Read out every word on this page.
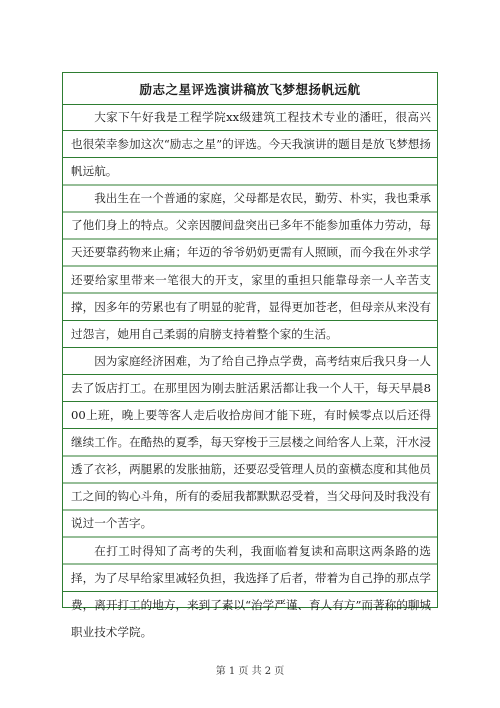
励志之星评选演讲稿放飞梦想扬帆远航

大家下午好我是工程学院xx级建筑工程技术专业的潘旺，很高兴也很荣幸参加这次“励志之星”的评选。今天我演讲的题目是放飞梦想扬帆远航。

我出生在一个普通的家庭，父母都是农民，勤劳、朴实，我也秉承了他们身上的特点。父亲因腰间盘突出已多年不能参加重体力劳动，每天还要靠药物来止痛；年迈的爷爷奶奶更需有人照顾，而今我在外求学还要给家里带来一笔很大的开支，家里的重担只能靠母亲一人辛苦支撑，因多年的劳累也有了明显的驼背，显得更加苍老，但母亲从来没有过怨言，她用自己柔弱的肩膀支持着整个家的生活。

因为家庭经济困难，为了给自己挣点学费，高考结束后我只身一人去了饭店打工。在那里因为刚去脏活累活都让我一个人干，每天早晨800上班，晚上要等客人走后收拾房间才能下班，有时候零点以后还得继续工作。在酷热的夏季，每天穿梭于三层楼之间给客人上菜，汗水浸透了衣衫，两腿累的发胀抽筋，还要忍受管理人员的蛮横态度和其他员工之间的钩心斗角，所有的委屈我都默默忍受着，当父母问及时我没有说过一个苦字。

在打工时得知了高考的失利，我面临着复读和高职这两条路的选择，为了尽早给家里减轻负担，我选择了后者，带着为自己挣的那点学费，离开打工的地方，来到了素以“治学严谨、育人有方”而著称的聊城职业技术学院。

第 1 页 共 2 页
